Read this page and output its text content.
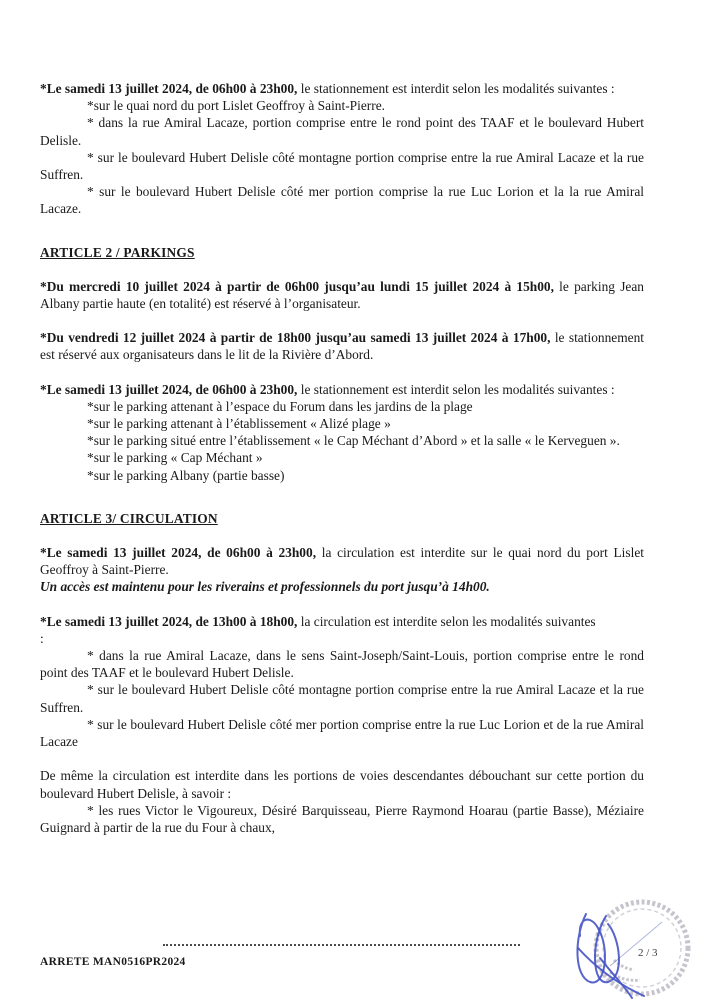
*Le samedi 13 juillet 2024, de 06h00 à 23h00, le stationnement est interdit selon les modalités suivantes :
*sur le quai nord du port Lislet Geoffroy à Saint-Pierre.
* dans la rue Amiral Lacaze, portion comprise entre le rond point des TAAF et le boulevard Hubert Delisle.
* sur le boulevard Hubert Delisle côté montagne portion comprise entre la rue Amiral Lacaze et la rue Suffren.
* sur le boulevard Hubert Delisle côté mer portion comprise la rue Luc Lorion et la la rue Amiral Lacaze.
ARTICLE 2 / PARKINGS
*Du mercredi 10 juillet 2024 à partir de 06h00 jusqu’au lundi 15 juillet 2024 à 15h00, le parking Jean Albany partie haute (en totalité) est réservé à l’organisateur.
*Du vendredi 12 juillet 2024 à partir de 18h00 jusqu’au samedi 13 juillet 2024 à 17h00, le stationnement est réservé aux organisateurs dans le lit de la Rivière d’Abord.
*Le samedi 13 juillet 2024, de 06h00 à 23h00, le stationnement est interdit selon les modalités suivantes :
*sur le parking attenant à l’espace du Forum dans les jardins de la plage
*sur le parking attenant à l’établissement « Alizé plage »
*sur le parking situé entre l’établissement « le Cap Méchant d’Abord » et la salle « le Kerveguen ».
*sur le parking « Cap Méchant »
*sur le parking Albany (partie basse)
ARTICLE 3/ CIRCULATION
*Le samedi 13 juillet 2024, de 06h00 à 23h00, la circulation est interdite sur le quai nord du port Lislet Geoffroy à Saint-Pierre.
Un accès est maintenu pour les riverains et professionnels du port jusqu’à 14h00.
*Le samedi 13 juillet 2024, de 13h00 à 18h00, la circulation est interdite selon les modalités suivantes
:
* dans la rue Amiral Lacaze, dans le sens Saint-Joseph/Saint-Louis, portion comprise entre le rond point des TAAF et le boulevard Hubert Delisle.
* sur le boulevard Hubert Delisle côté montagne portion comprise entre la rue Amiral Lacaze et la rue Suffren.
* sur le boulevard Hubert Delisle côté mer portion comprise entre la rue Luc Lorion et de la rue Amiral Lacaze
De même la circulation est interdite dans les portions de voies descendantes débouchant sur cette portion du boulevard Hubert Delisle, à savoir :
* les rues Victor le Vigoureux, Désiré Barquisseau, Pierre Raymond Hoarau (partie Basse), Méziaire Guignard à partir de la rue du Four à chaux,
ARRETE MAN0516PR2024
2 / 3
